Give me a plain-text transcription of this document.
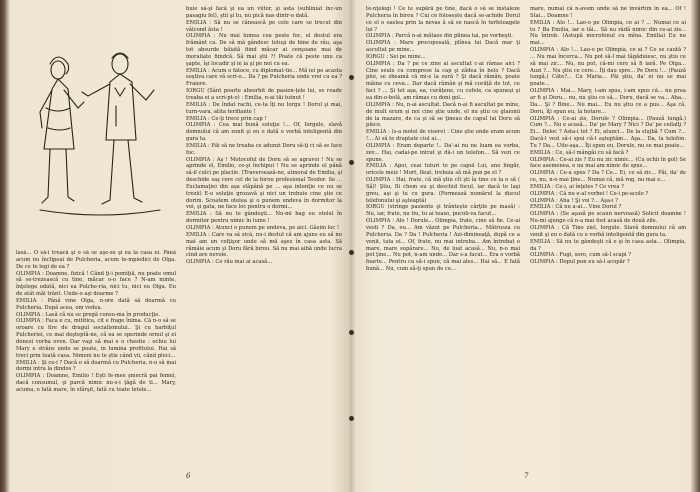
buie să-şi facă şi ea un viitor, şi asta (subliniat înc-un pasagiu fel), ştii şi tu, nu pică nas dintr-o dată.

EMILIA : Să nu se cânească pe cele care se trecut din vâlcond ăsta !

OLIMPIA : Nu mai lumea cea peste foc, el destul era frământ ca. De să mă gândesc totuşi de bine de râu, aşa tot absurde băiată fiind măcar ai cenşoane mai de moraliate fiindcă. Să mai ştii ?! Poate că peste unu ca şapte, îşi locadir şi ie ia şi pe noi cu ea.

EMILIA : Acum o fatoce, cu diplomat-tie... Mă iei pe acasta soştiva care vă scri-o... Da ? pe Pulcheria unde vrei cu ea ? Fraiere.

IORGU (Sânt poarte absorbit de pasien-ţele lui, se roade treaba ei a scri-pt-o) : Emilia, n-ai tăi tutnut !

EMILIA : De îndat rachi, ce-ta îţi nu Iorgu ! Dorul şi mai, turn-vara, atita terifiante !

EMILIA : Ce-ţi trece prin cap !

OLIMPIA : Cea mai bună soluţie !... Of, Iorgule, slavă domnului că am zonit şi eu o dată o vorbă inteligentă din gura ta.

EMILIA : Păi să ne treaba ce adunzi Doru să-ţi ci să se face foc.

OLIMPIA : Aş ! Motocoful de Doru să se agravoi ! Nu se aprinde el, Emilio, ce-şi închipui ! Nu se aprinde el până să-il culci pe placile. (Traversează-ne, atmoral de Emilia, şi deschide saş cere cel de la birou profesional Teodor. Se ... Exclamaţiei din aşa stăpână pe ... aşa intenţie ce nu se trezii) E-o soluţie grozavă şi nici un trebuie cine ştie ce dorim. Scoatem otelea şi o punem undeva în dormitor la voi, şi gata, ne face loc pentru o dormi...

EMILIA : Să nu te gândeşti... Nu-mi bag eu otelul în dormitor pentru nimic în lume !

OLIMPIA : Atunci o punem pe undeva, pe aici. Gâsim loc !

EMILIA : Care va să zică, nu-i destul că am ajuns eu să nu mai am un colţişor unde să mă aşez în casa asta. Să rămâie acum şi Doru fără birou. Să nu mai aibă unde lucra cind are nevoie.

OLIMPIA : Ce rău mai ai acasă...

lasă... O să-i treacă şi o să se aşe-ze şi ea la casa ei. Până acum nu înclipeai de Pulcheria, acum te-mpiedici de Olga. De ce te legi de ea ?

OLIMPIA : Doamne, fizică ! Când ţi-i pomiţiă, nu poate omul să se-trezească cu tine, măcar o-o face ? N-am minte, înţelege odată, nici ea Pulche-ria, nici tu, nici eu Olga. Eu de atât măi trânt. Unde-o aşi doarme ?

EMILIA : Până vine Olga, n-ore dată să doarmă cu Pulcheria. După acea, om vedea.

OLIMPIA : Lasă că nu se pregă consu-ma în producţie.

OLIMPIA : Faca e cu, mititica, cit e frage înima. Că n-o să se oroare cu fire de dragul socialismului.. Şi cu harbiţul Pulcheriei, ce mai deşteptă-ne, că ea se sperinde ornul şi ei donezi vorba oven. Dar vaşi să mai e o chestie : ochiu lui Mary e strâns unde se poate, in lumina profitului. Hai să treci prin toată casa. Nimeni nu te ştie când vii, când pleci...

EMILIA : Şi ce-i ? Dacă o să doarmă cu Pulcheria, n-o să mai dormi intra la dindos ?

OLIMPIA : Doamne, Emilio ! Eşti fe-mee şmecră pai femei, dacă consumul, şi parcă nimic nu-s-i ţăgă de ti... Mary, acuma, o fată mare, în sfârşit, fată cu toate tetele...

6

te-nţelegi ! Ce te supără pe tine, dacă o să se instaleze Pulcheria în birou ? Cui ce folosește dacă se-achide Dorul ce el o oaslea prin la nevas ă să se nască în terfeloagele lui ?

OLIMPIA : Parcă n-ai mătaos din plinea tai, pe vorbeşti.

OLIMPIA : Mare procoposală, plînea lui Dacă mar ţi ascultat pe mine...

IORGU : Sei pe mine...

OLIMPIA : Da ? pe ce zine ai ascultat c-ai râmas aici ? Cine seule cu comprese la cap şi zădea în bolo ? Dacă ploi, se zbeamă că mi-e la sură ? Şi dacă rămăn, poate măine cu ceva... Dar dacă rămân şi mă curăță de tot, ce faci ? ... Şi tot aşa, ea, curăţene, cu cofele, ca spuneşi şi ea din-o-bolă, am rămas cu doni gol...

OLIMPIA : Nu, n-ai ascultat. Dacă n-ai fi ascultat pe mine, de mult erum şi noi cine ştie unde, el nu ştiu ce glaionii de la mazare, de ca şi să se ţineau de capul lui Doru să plece.

EMILIA : (s-a motel de visere) : Cine ştie unde eram acum !... Ai să te draptate ciul ai...

OLIMPIA : Eram departe !.. Da'-ai nu ne luam ea vorba, zev... Hai, cadai-pe intrat şi dă-i un telefon... Să vezi ce spune.

EMILIA : Apoi, ceai tuturi to pe capul Lui, ano lingăr, oricele meiz ! Mort, fleat, trebuia să mă pun pe el ?

OLIMPIA : Hai, frate, că mă ştiu cît şti îa tine ce la o să ( Să)! Ştiu, Ili chem eu şi deschid focul, iar dacă te laşi greu, aşi şi tu cu gura. (Formează numărul la discul telefonului şi aşteaptă)

IORGU (stringe pasiente şi trântește cărţile pe masă) : Nu, iar, frate, nu tiu, tu ai teaso, pucoli-va facut...

OLIMPIA : Alo ! Dorule... Olimpia, frate, cine să fie. Ce-ai vesti ? Da, eu... Am văzut pe Pulcheria... Mătrusza cu Pulcheria. Da ? Da ! Pulcheria ! Azi-dimineaţă, după ce a venit, tata ei... Of, frate, nu mai intreba... Am întrebat o mare, mare supărare... Nu, de luat acasă... Nu, n-o mai pot ţine... Nu pot, n-am unde... Dar s-a facut... Era o vorbă foarte... Pentru ca să-i spun, că mai ales... Hai să... E fată bună... Nu, cum să-ţi spun de ce...

mare, numai că n-avem unde să ne învârtim în ea... Of ! Stai... Doamne !

EMILIA : Alo !... Lao-o pe Olimpia, ce ai ? ... Numai ce ai tu ? Ba Emilia, iar o tâi... Să nu râdă nimic din ce-ai zis... Nu întreb. (Astupă microfonul cu mîna. Emilia) Eu nu mai...

OLIMPIA : Alo !... Lao-o pe Olimpia, ce ai ? Ce se caută ? ... Nu mai încerca... Nu pot să-l mai tăgăduiesc, nu ştiu ce să mai zic... Nu, nu pot, că-mi cere să fi iară. Pe Olga... Auzi ?... Nu ştiu ce cere... Îţi dau spre... Pe Doru !... (Pauză lungă.) Câte?... Cu Maria... Păi ştiu, da' ei nu se mai poate...

OLIMPIA : Mai... Mary, i-am spus, i-am spus că... nu prea ar fi şi Doru... nu, nu ştiu ce să... Doru, dacă se va... Aha... Da... Şi ? Bine... Nu mai... Eu nu ştiu ce a pus... Aşa că, Doru, îţi spun eu, la hotare...

OLIMPIA : Ce-ai zis, Dorule ? Olimpia... (Pauză lungă.) Cum ?... Nu e acasă... Da' pe Mary ? Nici ? Da' pe ceilalţi ? Ei... Deloc ? Asta-i tot ? Ei, atunci... De la slujbă ? Cum ?... Dacă-l vezi să-i spui că-l aşteptăm... Aşa... Da, la telefon. Tu ? Da... Uite-aşa... Îţi spun eu, Dorule, nu se mai poate...

EMILIA : Ce, să-l mângâi cu să facă ?

OLIMPIA : Ce-ai zis ? Eu nu zic nimic... (Cu ochii în gol) Se face asemenea, e nu mai am nimic de spus...

OLIMPIA : Ce-a spus ? Da ? Ce... Ei, ce să zic... Păi, da' de ce, nu, n-o mai ţine... Numai că, mă rog, nu mai e...

EMILIA : Ce-i, ai înţeles ? Ce vrea ?

OLIMPIA : Că nu e-al vorbei ! Ce-i pe-acolo ?

OLIMPIA : Aha ! Şi voi ?... Aşa-i ?

EMILIA : Că nu a-ai... Vine Dorul ?

OLIMPIA : (Se aşază pe scaun nervoasă) Solicit doamne ! Nu-mi ajunge că n-a mai fost acasă de două zile.

OLIMPIA : Că Tino ziel, Iorgule. Slavă domnului că am venit şi eu o dată cu o vorbă inteligentă din gura ta.

EMILIA : Să nu te gândeşti că e şi în casa asta... Olimpia, da ?

OLIMPIA : Fugi, soro, cum să-l scapi ?

OLIMPIA : Dopul pun eu să-l acopăr ?

7
